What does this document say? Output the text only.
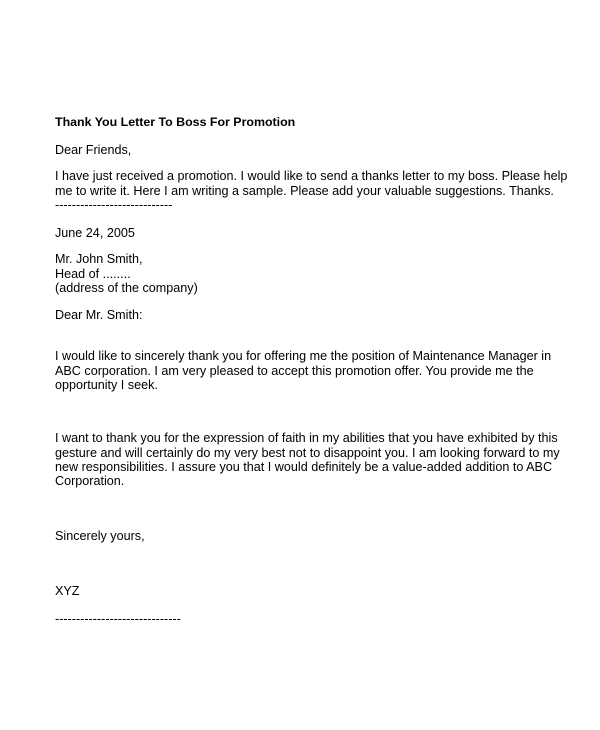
Thank You Letter To Boss For Promotion
Dear Friends,
I have just received a promotion. I would like to send a thanks letter to my boss. Please help
me to write it. Here I am writing a sample. Please add your valuable suggestions. Thanks.
----------------------------
June 24, 2005
Mr. John Smith,
Head of ........
(address of the company)
Dear Mr. Smith:
I would like to sincerely thank you for offering me the position of Maintenance Manager in
ABC corporation. I am very pleased to accept this promotion offer. You provide me the
opportunity I seek.
I want to thank you for the expression of faith in my abilities that you have exhibited by this
gesture and will certainly do my very best not to disappoint you. I am looking forward to my
new responsibilities. I assure you that I would definitely be a value-added addition to ABC
Corporation.
Sincerely yours,
XYZ
------------------------------
